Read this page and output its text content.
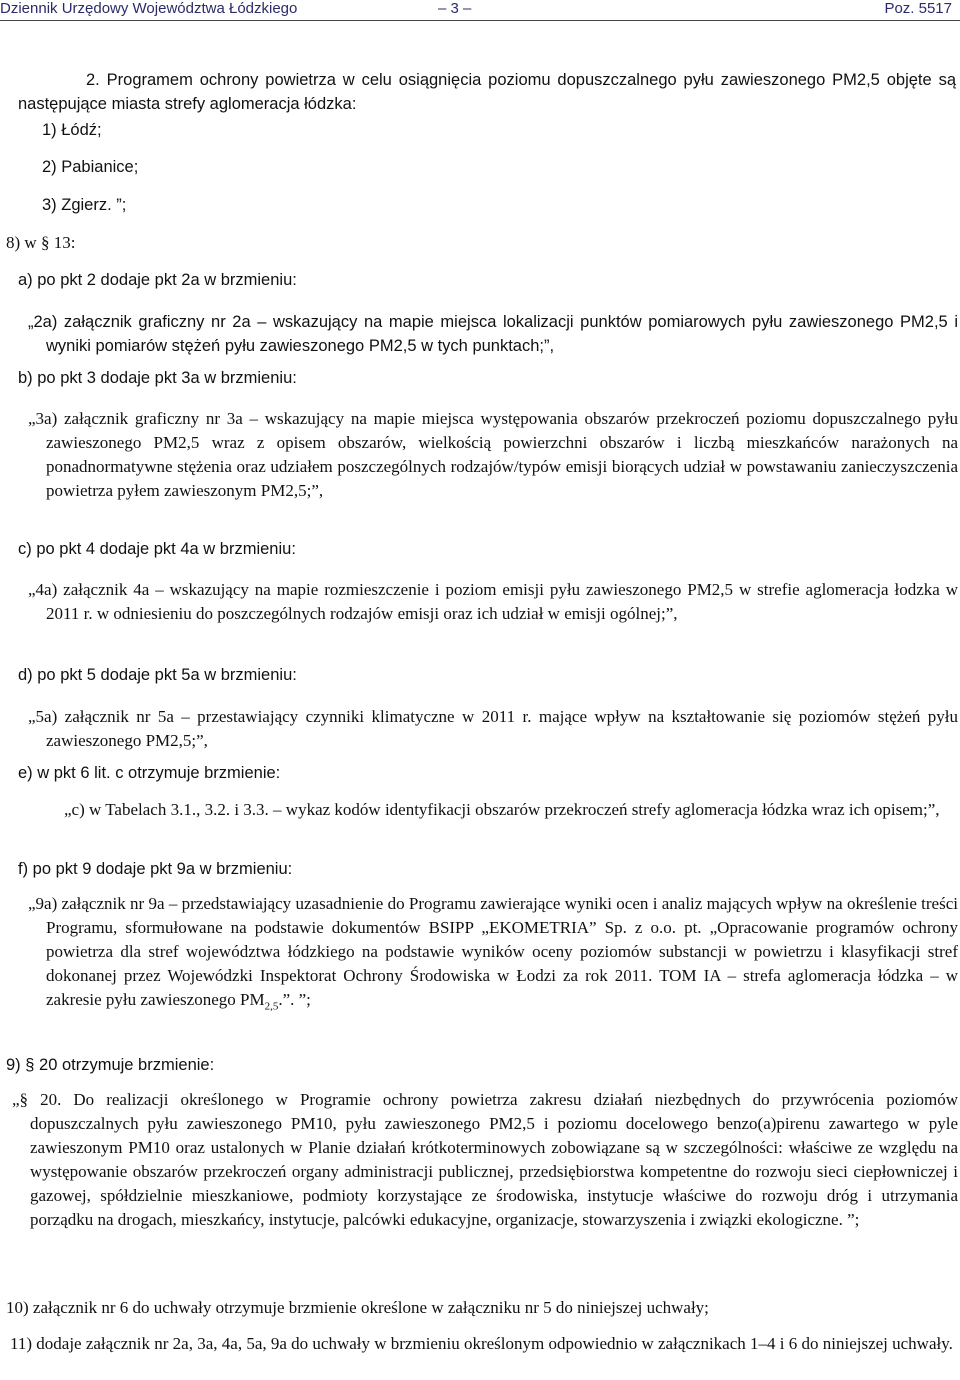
Dziennik Urzędowy Województwa Łódzkiego	– 3 –	Poz. 5517

2. Programem ochrony powietrza w celu osiągnięcia poziomu dopuszczalnego pyłu zawieszonego PM2,5 objęte są następujące miasta strefy aglomeracja łódzka:

1) Łódź;

2) Pabianice;

3) Zgierz. ”;

8) w § 13:

a) po pkt 2 dodaje pkt 2a w brzmieniu:

„2a) załącznik graficzny nr 2a – wskazujący na mapie miejsca lokalizacji punktów pomiarowych pyłu zawieszonego PM2,5 i wyniki pomiarów stężeń pyłu zawieszonego PM2,5 w tych punktach;”,

b) po pkt 3 dodaje pkt 3a w brzmieniu:

„3a) załącznik graficzny nr 3a – wskazujący na mapie miejsca występowania obszarów przekroczeń poziomu dopuszczalnego pyłu zawieszonego PM2,5 wraz z opisem obszarów, wielkością powierzchni obszarów i liczbą mieszkańców narażonych na ponadnormatywne stężenia oraz udziałem poszczególnych rodzajów/typów emisji biorących udział w powstawaniu zanieczyszczenia powietrza pyłem zawieszonym PM2,5;”,

c) po pkt 4 dodaje pkt 4a w brzmieniu:

„4a) załącznik 4a – wskazujący na mapie rozmieszczenie i poziom emisji pyłu zawieszonego PM2,5 w strefie aglomeracja łodzka w 2011 r. w odniesieniu do poszczególnych rodzajów emisji oraz ich udział w emisji ogólnej;”,

d) po pkt 5 dodaje pkt 5a w brzmieniu:

„5a) załącznik nr 5a – przestawiający czynniki klimatyczne w 2011 r. mające wpływ na kształtowanie się poziomów stężeń pyłu zawieszonego PM2,5;”,

e) w pkt 6 lit. c otrzymuje brzmienie:

„c) w Tabelach 3.1., 3.2. i 3.3. – wykaz kodów identyfikacji obszarów przekroczeń strefy aglomeracja łódzka wraz ich opisem;”,

f) po pkt 9 dodaje pkt 9a w brzmieniu:

„9a) załącznik nr 9a – przedstawiający uzasadnienie do Programu zawierające wyniki ocen i analiz mających wpływ na określenie treści Programu, sformułowane na podstawie dokumentów BSIPP „EKOMETRIA” Sp. z o.o. pt. „Opracowanie programów ochrony powietrza dla stref województwa łódzkiego na podstawie wyników oceny poziomów substancji w powietrzu i klasyfikacji stref dokonanej przez Wojewódzki Inspektorat Ochrony Środowiska w Łodzi za rok 2011. TOM IA – strefa aglomeracja łódzka – w zakresie pyłu zawieszonego $PM_{2,5}$.”. ”;

9) § 20 otrzymuje brzmienie:

„§ 20. Do realizacji określonego w Programie ochrony powietrza zakresu działań niezbędnych do przywrócenia poziomów dopuszczalnych pyłu zawieszonego PM10, pyłu zawieszonego PM2,5 i poziomu docelowego benzo(a)pirenu zawartego w pyle zawieszonym PM10 oraz ustalonych w Planie działań krótkoterminowych zobowiązane są w szczególności: właściwe ze względu na występowanie obszarów przekroczeń organy administracji publicznej, przedsiębiorstwa kompetentne do rozwoju sieci ciepłowniczej i gazowej, spółdzielnie mieszkaniowe, podmioty korzystające ze środowiska, instytucje właściwe do rozwoju dróg i utrzymania porządku na drogach, mieszkańcy, instytucje, palcówki edukacyjne, organizacje, stowarzyszenia i związki ekologiczne. ”;

10) załącznik nr 6 do uchwały otrzymuje brzmienie określone w załączniku nr 5 do niniejszej uchwały;

11) dodaje załącznik nr 2a, 3a, 4a, 5a, 9a do uchwały w brzmieniu określonym odpowiednio w załącznikach 1–4 i 6 do niniejszej uchwały.
